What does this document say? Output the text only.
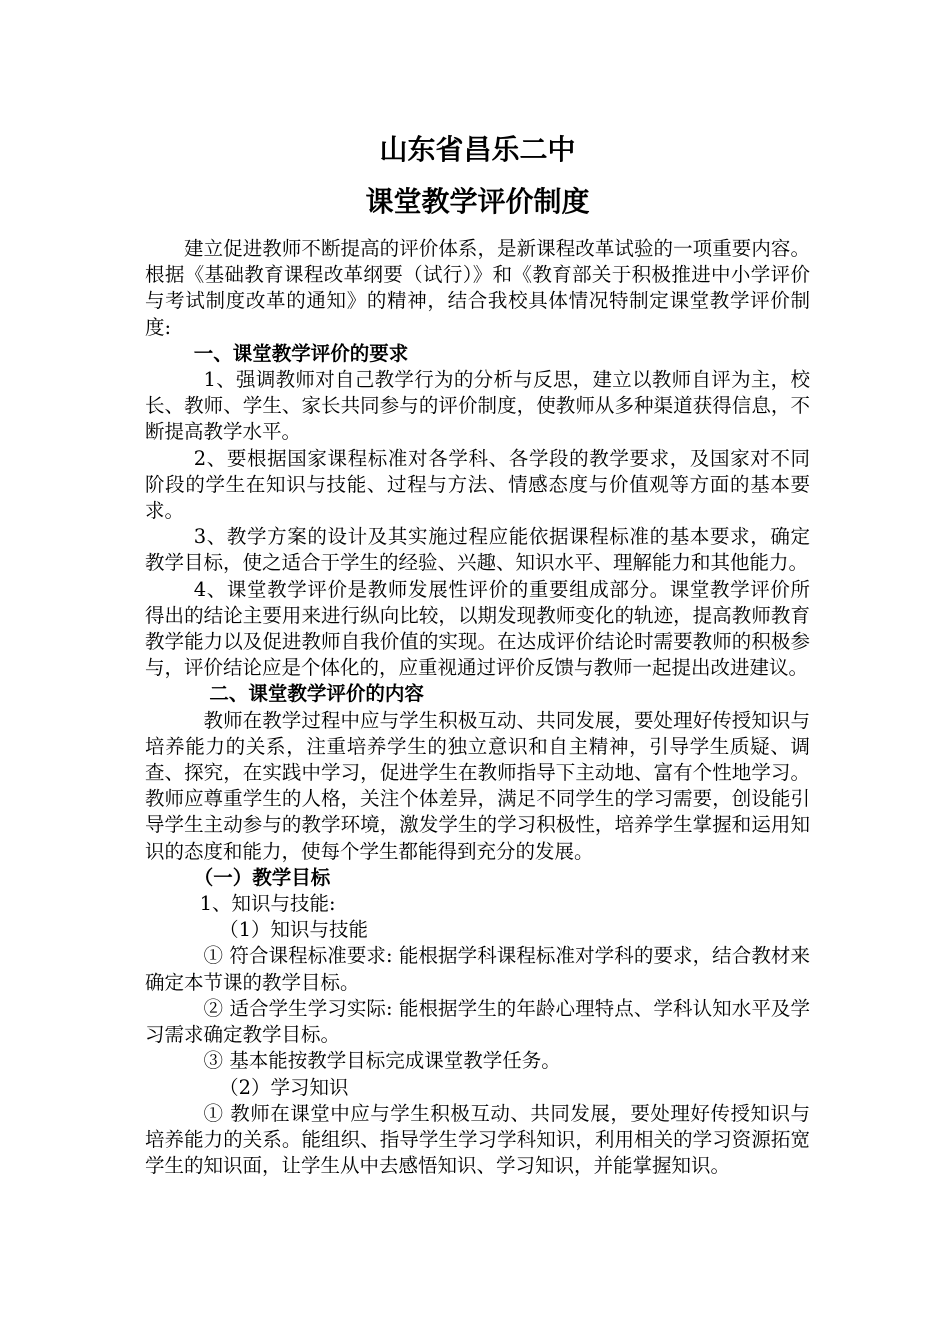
山东省昌乐二中
课堂教学评价制度

建立促进教师不断提高的评价体系，是新课程改革试验的一项重要内容。根据《基础教育课程改革纲要（试行）》和《教育部关于积极推进中小学评价与考试制度改革的通知》的精神，结合我校具体情况特制定课堂教学评价制度:

一、课堂教学评价的要求

1、强调教师对自己教学行为的分析与反思，建立以教师自评为主，校长、教师、学生、家长共同参与的评价制度，使教师从多种渠道获得信息，不断提高教学水平。

2、要根据国家课程标准对各学科、各学段的教学要求，及国家对不同阶段的学生在知识与技能、过程与方法、情感态度与价值观等方面的基本要求。

3、教学方案的设计及其实施过程应能依据课程标准的基本要求，确定教学目标，使之适合于学生的经验、兴趣、知识水平、理解能力和其他能力。

4、课堂教学评价是教师发展性评价的重要组成部分。课堂教学评价所得出的结论主要用来进行纵向比较，以期发现教师变化的轨迹，提高教师教育教学能力以及促进教师自我价值的实现。在达成评价结论时需要教师的积极参与，评价结论应是个体化的，应重视通过评价反馈与教师一起提出改进建议。

二、课堂教学评价的内容

教师在教学过程中应与学生积极互动、共同发展，要处理好传授知识与培养能力的关系，注重培养学生的独立意识和自主精神，引导学生质疑、调查、探究，在实践中学习，促进学生在教师指导下主动地、富有个性地学习。教师应尊重学生的人格，关注个体差异，满足不同学生的学习需要，创设能引导学生主动参与的教学环境，激发学生的学习积极性，培养学生掌握和运用知识的态度和能力，使每个学生都能得到充分的发展。

（一）教学目标

1、知识与技能:

（1）知识与技能

① 符合课程标准要求: 能根据学科课程标准对学科的要求，结合教材来确定本节课的教学目标。

② 适合学生学习实际: 能根据学生的年龄心理特点、学科认知水平及学习需求确定教学目标。

③ 基本能按教学目标完成课堂教学任务。

（2）学习知识

① 教师在课堂中应与学生积极互动、共同发展，要处理好传授知识与培养能力的关系。能组织、指导学生学习学科知识，利用相关的学习资源拓宽学生的知识面，让学生从中去感悟知识、学习知识，并能掌握知识。
